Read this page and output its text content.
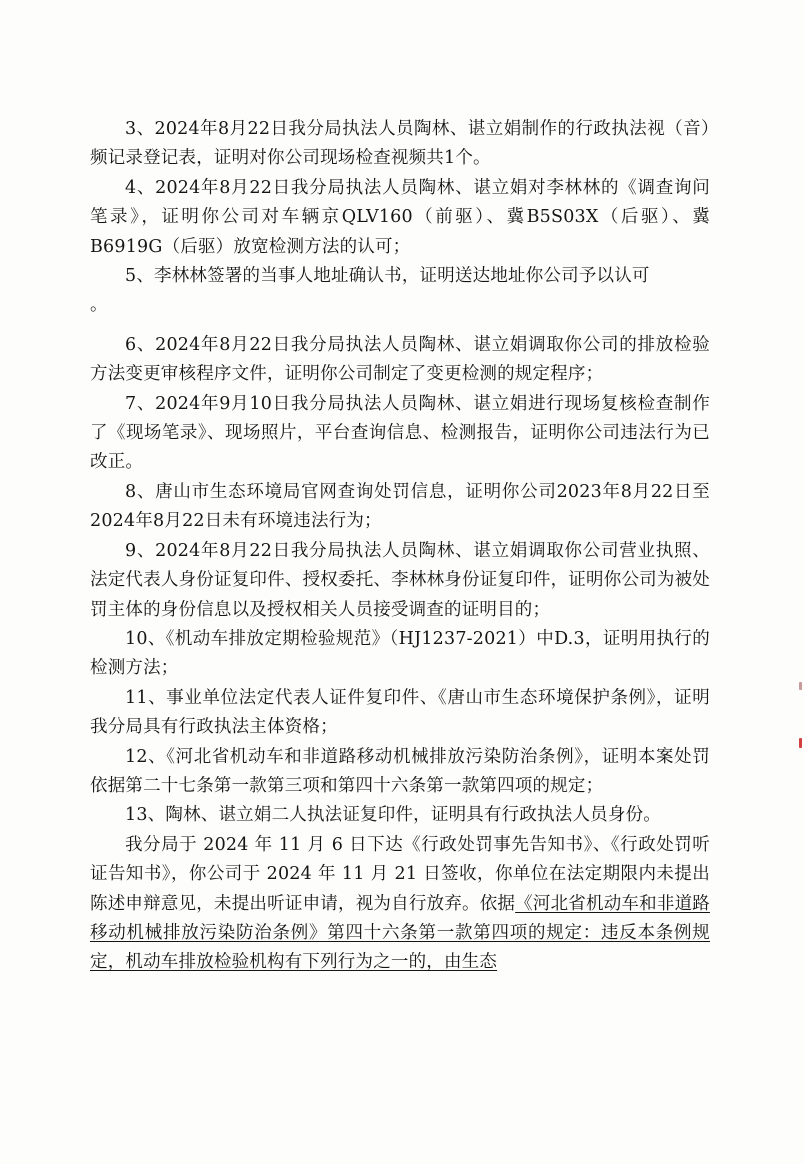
3、2024年8月22日我分局执法人员陶林、谌立娟制作的行政执法视（音）频记录登记表，证明对你公司现场检查视频共1个。

4、2024年8月22日我分局执法人员陶林、谌立娟对李林林的《调查询问笔录》，证明你公司对车辆京QLV160（前驱）、冀B5S03X（后驱）、冀B6919G（后驱）放宽检测方法的认可；

5、李林林签署的当事人地址确认书，证明送达地址你公司予以认可

。

6、2024年8月22日我分局执法人员陶林、谌立娟调取你公司的排放检验方法变更审核程序文件，证明你公司制定了变更检测的规定程序；

7、2024年9月10日我分局执法人员陶林、谌立娟进行现场复核检查制作了《现场笔录》、现场照片，平台查询信息、检测报告，证明你公司违法行为已改正。

8、唐山市生态环境局官网查询处罚信息，证明你公司2023年8月22日至2024年8月22日未有环境违法行为；

9、2024年8月22日我分局执法人员陶林、谌立娟调取你公司营业执照、法定代表人身份证复印件、授权委托、李林林身份证复印件，证明你公司为被处罚主体的身份信息以及授权相关人员接受调查的证明目的；

10、《机动车排放定期检验规范》（HJ1237-2021）中D.3，证明用执行的检测方法；

11、事业单位法定代表人证件复印件、《唐山市生态环境保护条例》，证明我分局具有行政执法主体资格；

12、《河北省机动车和非道路移动机械排放污染防治条例》，证明本案处罚依据第二十七条第一款第三项和第四十六条第一款第四项的规定；

13、陶林、谌立娟二人执法证复印件，证明具有行政执法人员身份。

我分局于 2024 年 11 月 6 日下达《行政处罚事先告知书》、《行政处罚听证告知书》，你公司于 2024 年 11 月 21 日签收，你单位在法定期限内未提出陈述申辩意见，未提出听证申请，视为自行放弃。依据《河北省机动车和非道路移动机械排放污染防治条例》第四十六条第一款第四项的规定：违反本条例规定，机动车排放检验机构有下列行为之一的，由生态
